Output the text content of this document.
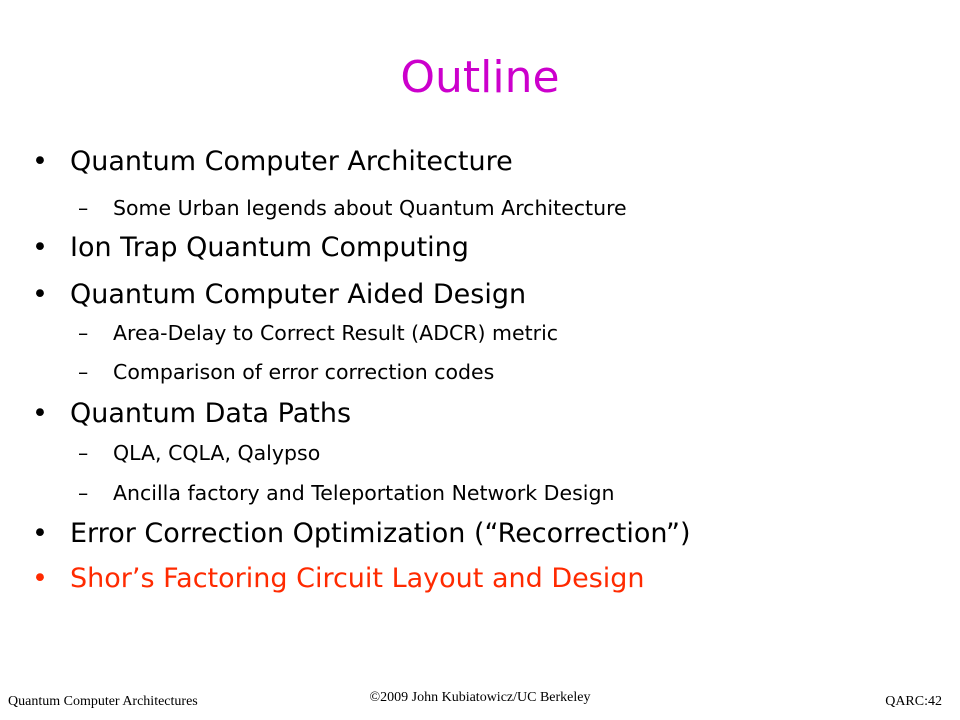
Outline
• Quantum Computer Architecture
– Some Urban legends about Quantum Architecture
• Ion Trap Quantum Computing
• Quantum Computer Aided Design
– Area-Delay to Correct Result (ADCR) metric
– Comparison of error correction codes
• Quantum Data Paths
– QLA, CQLA, Qalypso
– Ancilla factory and Teleportation Network Design
• Error Correction Optimization (“Recorrection”)
• Shor’s Factoring Circuit Layout and Design
Quantum Computer Architectures	©2009 John Kubiatowicz/UC Berkeley	QARC:42
